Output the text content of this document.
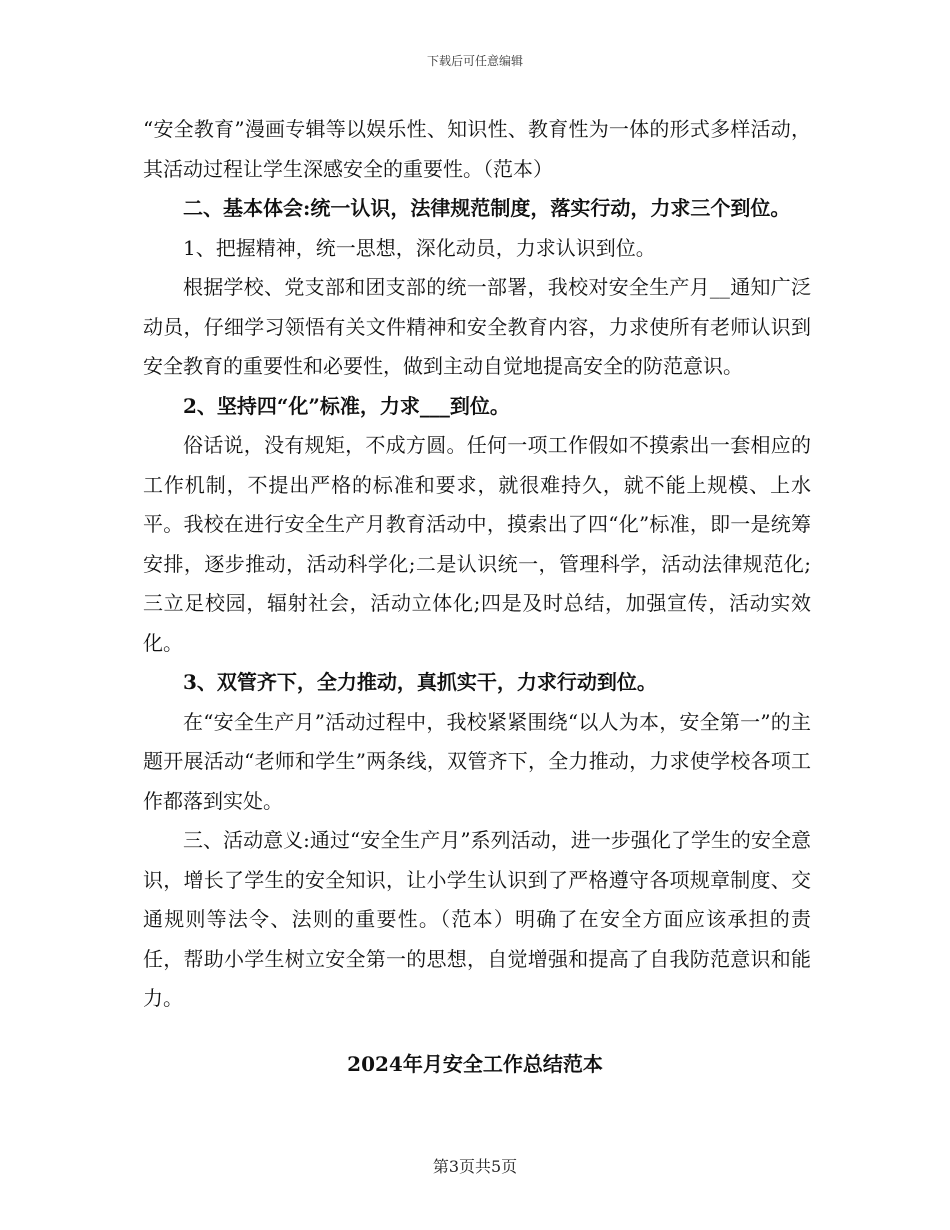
下载后可任意编辑

“安全教育”漫画专辑等以娱乐性、知识性、教育性为一体的形式多样活动，其活动过程让学生深感安全的重要性。（范本）

二、基本体会:统一认识，法律规范制度，落实行动，力求三个到位。

1、把握精神，统一思想，深化动员，力求认识到位。

根据学校、党支部和团支部的统一部署，我校对安全生产月__通知广泛动员，仔细学习领悟有关文件精神和安全教育内容，力求使所有老师认识到安全教育的重要性和必要性，做到主动自觉地提高安全的防范意识。

2、坚持四“化”标准，力求___到位。

俗话说，没有规矩，不成方圆。任何一项工作假如不摸索出一套相应的工作机制，不提出严格的标准和要求，就很难持久，就不能上规模、上水平。我校在进行安全生产月教育活动中，摸索出了四“化”标准，即一是统筹安排，逐步推动，活动科学化;二是认识统一，管理科学，活动法律规范化;三立足校园，辐射社会，活动立体化;四是及时总结，加强宣传，活动实效化。

3、双管齐下，全力推动，真抓实干，力求行动到位。

在“安全生产月”活动过程中，我校紧紧围绕“以人为本，安全第一”的主题开展活动“老师和学生”两条线，双管齐下，全力推动，力求使学校各项工作都落到实处。

三、活动意义:通过“安全生产月”系列活动，进一步强化了学生的安全意识，增长了学生的安全知识，让小学生认识到了严格遵守各项规章制度、交通规则等法令、法则的重要性。（范本）明确了在安全方面应该承担的责任，帮助小学生树立安全第一的思想，自觉增强和提高了自我防范意识和能力。

2024年月安全工作总结范本
第3页共5页
